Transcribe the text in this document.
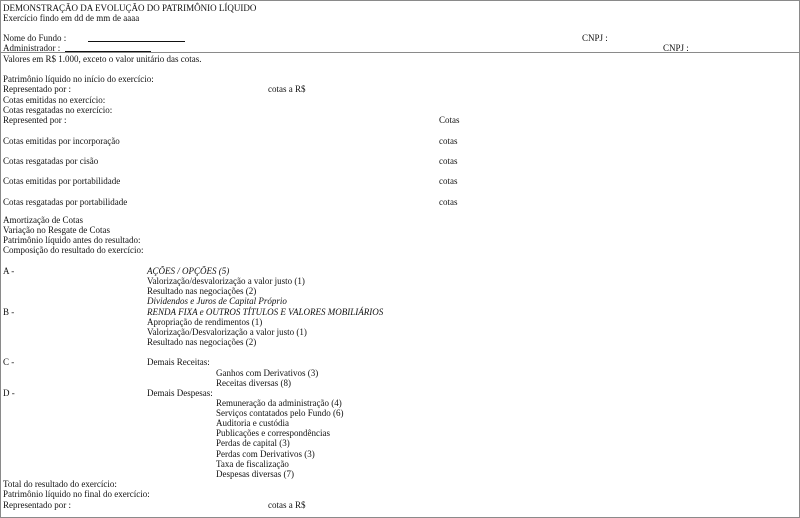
DEMONSTRAÇÃO DA EVOLUÇÃO DO PATRIMÔNIO LÍQUIDO
Exercício findo em dd de mm de aaaa
Nome do Fundo :	CNPJ :
Administrador :	CNPJ :
Valores em R$ 1.000, exceto o valor unitário das cotas.
Patrimônio líquido no início do exercício:
Representado por :	cotas a R$
Cotas emitidas no exercício:
Cotas resgatadas no exercício:
Represented por :	Cotas
Cotas emitidas por incorporação	cotas
Cotas resgatadas por cisão	cotas
Cotas emitidas por portabilidade	cotas
Cotas resgatadas por portabilidade	cotas
Amortização de Cotas
Variação no Resgate de Cotas
Patrimônio líquido antes do resultado:
Composição do resultado do exercício:
A -	AÇÕES / OPÇÕES (5)
Valorização/desvalorização a valor justo (1)
Resultado nas negociações (2)
Dividendos e Juros de Capital Próprio
B -	RENDA FIXA e OUTROS TÍTULOS E VALORES MOBILIÁRIOS
Apropriação de rendimentos (1)
Valorização/Desvalorização a valor justo (1)
Resultado nas negociações (2)
C -	Demais Receitas:
Ganhos com Derivativos (3)
Receitas diversas (8)
D -	Demais Despesas:
Remuneração da administração (4)
Serviços contatados pelo Fundo (6)
Auditoria e custódia
Publicações e correspondências
Perdas de capital (3)
Perdas com Derivativos (3)
Taxa de fiscalização
Despesas diversas (7)
Total do resultado do exercício:
Patrimônio líquido no final do exercício:
Representado por :	cotas a R$
